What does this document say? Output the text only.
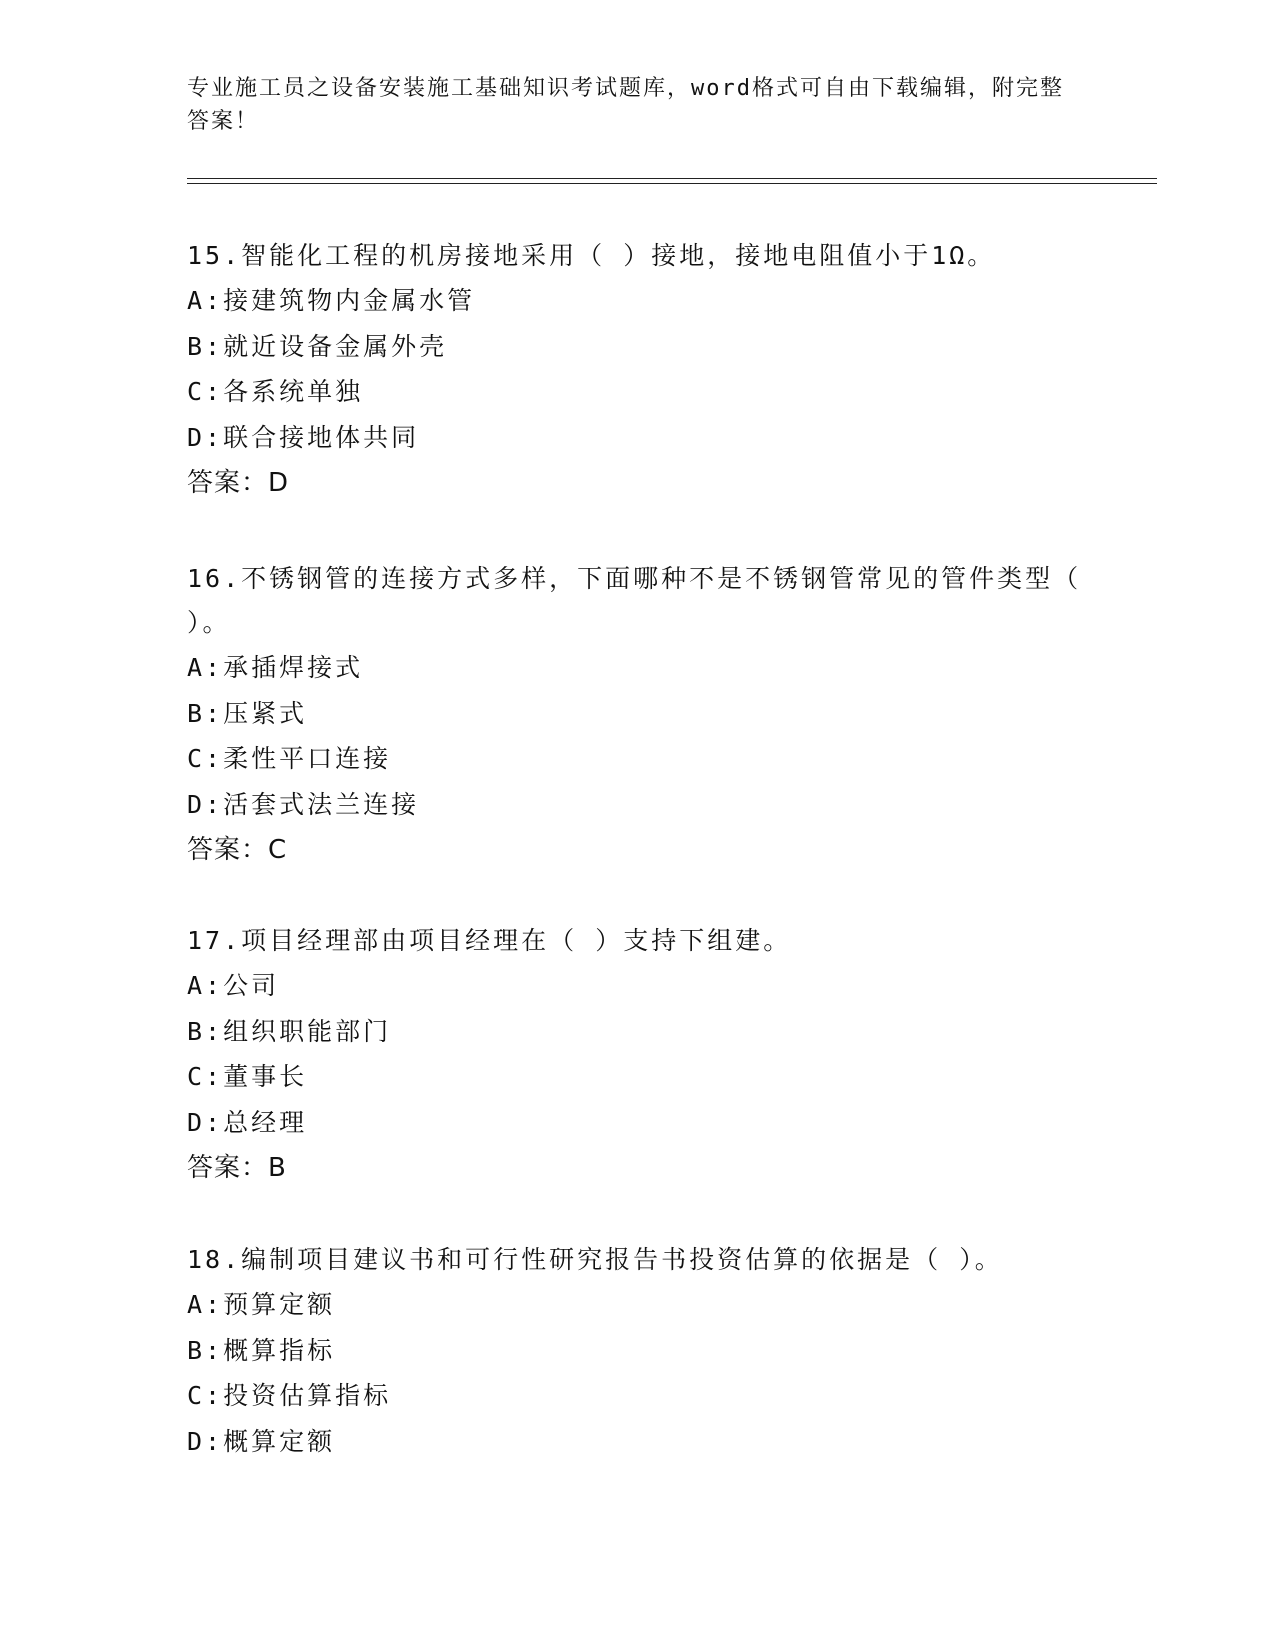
专业施工员之设备安装施工基础知识考试题库，word格式可自由下载编辑，附完整答案！

15.智能化工程的机房接地采用（ ）接地，接地电阻值小于1Ω。

A:接建筑物内金属水管

B:就近设备金属外壳

C:各系统单独

D:联合接地体共同

答案：D

16.不锈钢管的连接方式多样，下面哪种不是不锈钢管常见的管件类型（ ）。

A:承插焊接式

B:压紧式

C:柔性平口连接

D:活套式法兰连接

答案：C

17.项目经理部由项目经理在（ ）支持下组建。

A:公司

B:组织职能部门

C:董事长

D:总经理

答案：B

18.编制项目建议书和可行性研究报告书投资估算的依据是（ ）。

A:预算定额

B:概算指标

C:投资估算指标

D:概算定额
